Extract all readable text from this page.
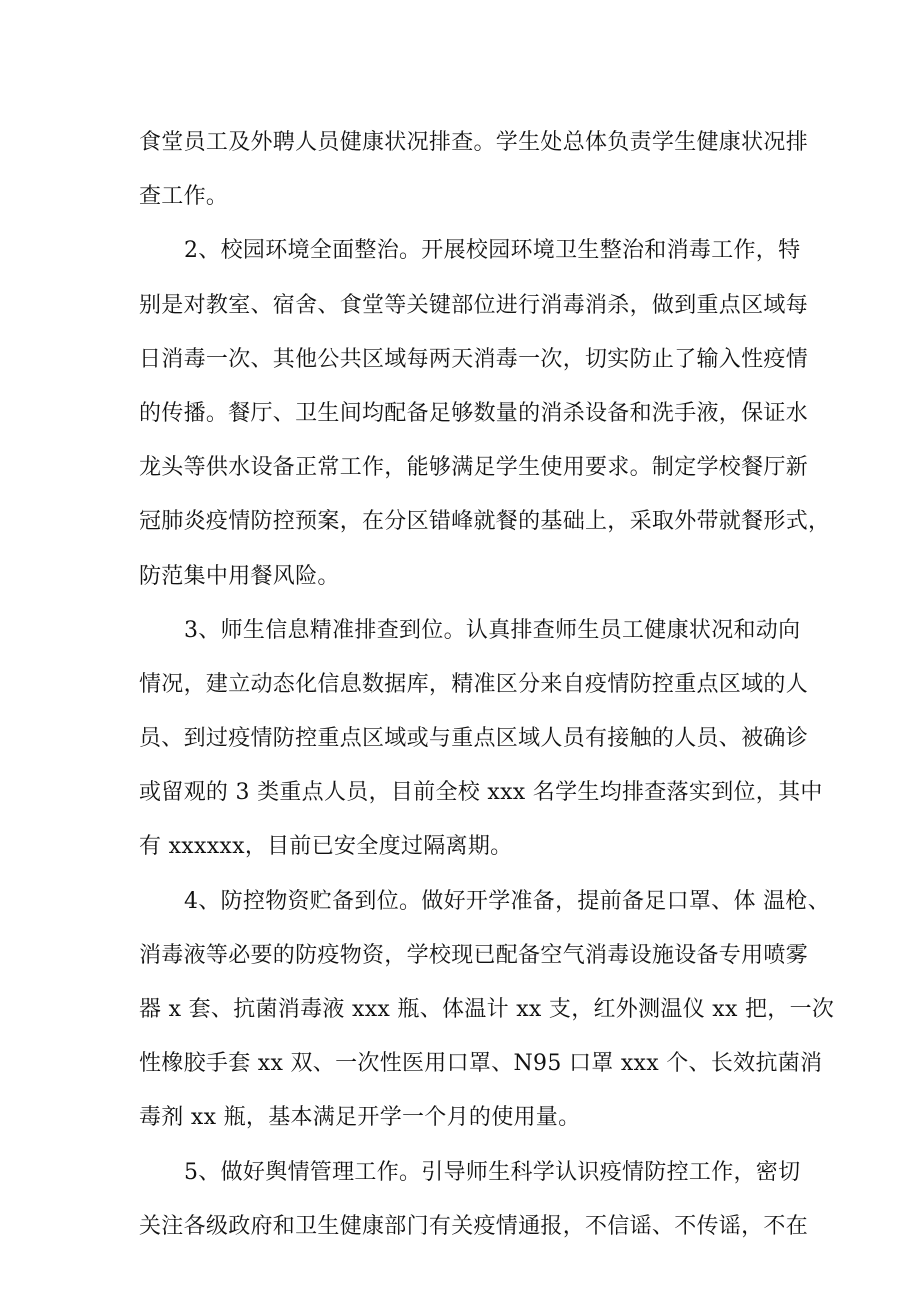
食堂员工及外聘人员健康状况排查。学生处总体负责学生健康状况排
查工作。
2、校园环境全面整治。开展校园环境卫生整治和消毒工作，特
别是对教室、宿舍、食堂等关键部位进行消毒消杀，做到重点区域每
日消毒一次、其他公共区域每两天消毒一次，切实防止了输入性疫情
的传播。餐厅、卫生间均配备足够数量的消杀设备和洗手液，保证水
龙头等供水设备正常工作，能够满足学生使用要求。制定学校餐厅新
冠肺炎疫情防控预案，在分区错峰就餐的基础上，采取外带就餐形式，
防范集中用餐风险。
3、师生信息精准排查到位。认真排查师生员工健康状况和动向
情况，建立动态化信息数据库，精准区分来自疫情防控重点区域的人
员、到过疫情防控重点区域或与重点区域人员有接触的人员、被确诊
或留观的 3 类重点人员，目前全校 xxx 名学生均排查落实到位，其中
有 xxxxxx，目前已安全度过隔离期。
4、防控物资贮备到位。做好开学准备，提前备足口罩、体 温枪、
消毒液等必要的防疫物资，学校现已配备空气消毒设施设备专用喷雾
器 x 套、抗菌消毒液 xxx 瓶、体温计 xx 支，红外测温仪 xx 把，一次
性橡胶手套 xx 双、一次性医用口罩、N95 口罩 xxx 个、长效抗菌消
毒剂 xx 瓶，基本满足开学一个月的使用量。
5、做好舆情管理工作。引导师生科学认识疫情防控工作，密切
关注各级政府和卫生健康部门有关疫情通报，不信谣、不传谣，不在
